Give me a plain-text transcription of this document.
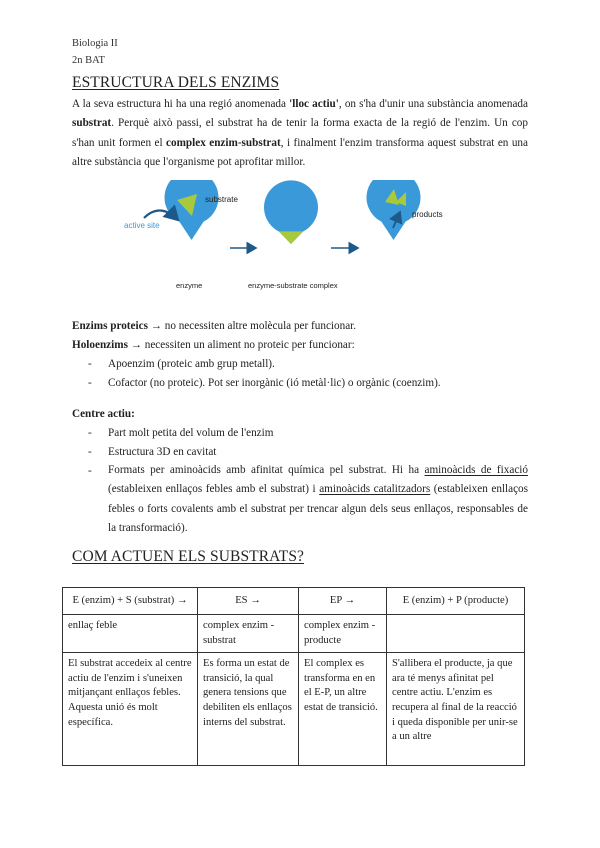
Biologia II
2n BAT
ESTRUCTURA DELS ENZIMS

A la seva estructura hi ha una regió anomenada 'lloc actiu', on s'ha d'unir una substància anomenada substrat. Perquè això passi, el substrat ha de tenir la forma exacta de la regió de l'enzim. Un cop s'han unit formen el complex enzim-substrat, i finalment l'enzim transforma aquest substrat en una altre substància que l'organisme pot aprofitar millor.

substrate
active site
enzyme	enzyme-substrate complex
products
Enzims proteics → no necessiten altre molècula per funcionar.
Holoenzims → necessiten un aliment no proteic per funcionar:
- Apoenzim (proteic amb grup metall).
- Cofactor (no proteic). Pot ser inorgànic (ió metàl·lic) o orgànic (coenzim).
Centre actiu:
- Part molt petita del volum de l'enzim
- Estructura 3D en cavitat
- Formats per aminoàcids amb afinitat química pel substrat. Hi ha aminoàcids de fixació (estableixen enllaços febles amb el substrat) i aminoàcids catalitzadors (estableixen enllaços febles o forts covalents amb el substrat per trencar algun dels seus enllaços, responsables de la transformació).

COM ACTUEN ELS SUBSTRATS?
E (enzim) + S (substrat) →	ES →	EP →	E (enzim) + P (producte)
enllaç feble	complex enzim - substrat	complex enzim - producte	
El substrat accedeix al centre actiu de l'enzim i s'uneixen mitjançant enllaços febles. Aquesta unió és molt específica.	Es forma un estat de transició, la qual genera tensions que debiliten els enllaços interns del substrat.	El complex es transforma en en el E-P, un altre estat de transició.	S'allibera el producte, ja que ara té menys afinitat pel centre actiu. L'enzim es recupera al final de la reacció i queda disponible per unir-se a un altre
